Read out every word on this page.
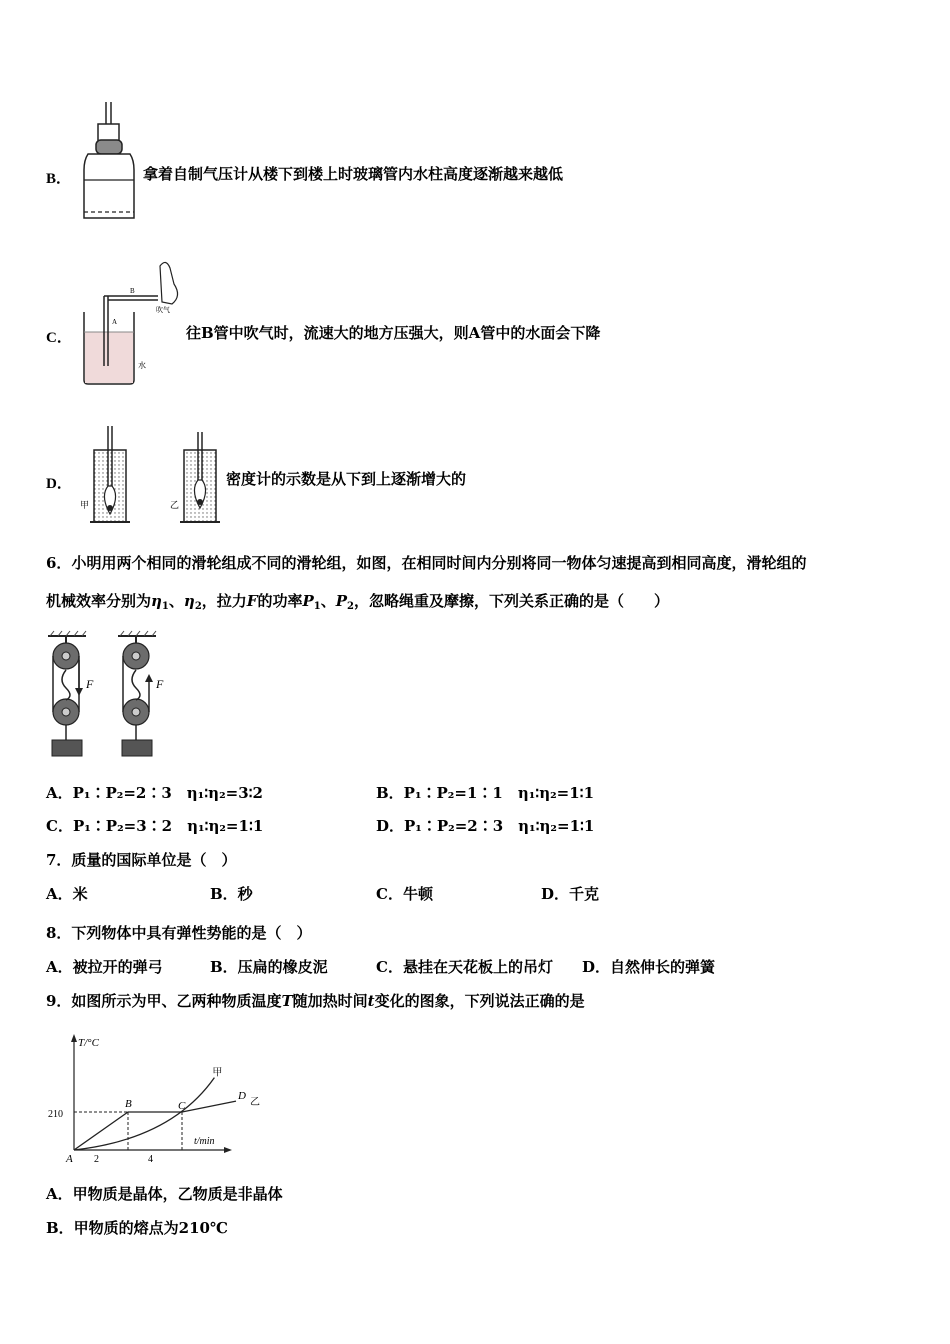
B．	拿着自制气压计从楼下到楼上时玻璃管内水柱高度逐渐越来越低
C．
B
A
水
吹气
往B管中吹气时，流速大的地方压强大，则A管中的水面会下降
D．
甲	乙
密度计的示数是从下到上逐渐增大的
6．小明用两个相同的滑轮组成不同的滑轮组，如图，在相同时间内分别将同一物体匀速提高到相同高度，滑轮组的
机械效率分别为$\eta_1$、$\eta_2$，拉力F的功率$P_1$、$P_2$，忽略绳重及摩擦，下列关系正确的是（　　）
F	F
A．P₁∶P₂=2∶3　η₁∶η₂=3∶2	B．P₁∶P₂=1∶1　η₁∶η₂=1∶1
C．P₁∶P₂=3∶2　η₁∶η₂=1∶1	D．P₁∶P₂=2∶3　η₁∶η₂=1∶1
7．质量的国际单位是（　）
A．米	B．秒	C．牛顿	D．千克
8．下列物体中具有弹性势能的是（　）
A．被拉开的弹弓	B．压扁的橡皮泥	C．悬挂在天花板上的吊灯 D．自然伸长的弹簧
9．如图所示为甲、乙两种物质温度T随加热时间t变化的图象，下列说法正确的是
T/°C
t/min
210
2	4
甲
乙
A
B	C
D
A．甲物质是晶体，乙物质是非晶体
B．甲物质的熔点为210℃
